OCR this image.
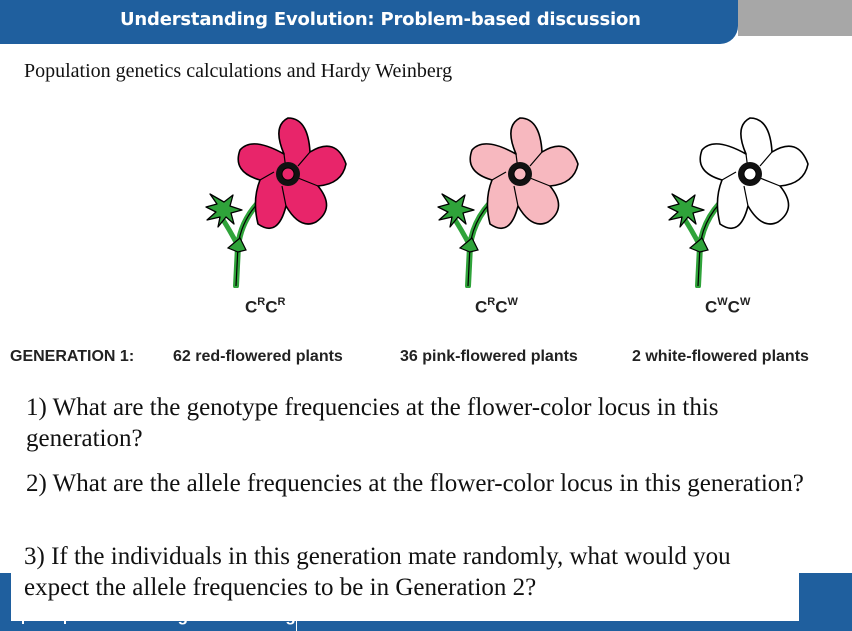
Understanding Evolution: Problem-based discussion
Population genetics calculations and Hardy Weinberg
$C^RC^R$	$C^RC^W$	$C^WC^W$
GENERATION 1: 62 red-flowered plants	36 pink-flowered plants	2 white-flowered plants
1) What are the genotype frequencies at the flower-color locus in this generation?
2) What are the allele frequencies at the flower-color locus in this generation?
3) If the individuals in this generation mate randomly, what would you expect the allele frequencies to be in Generation 2?
